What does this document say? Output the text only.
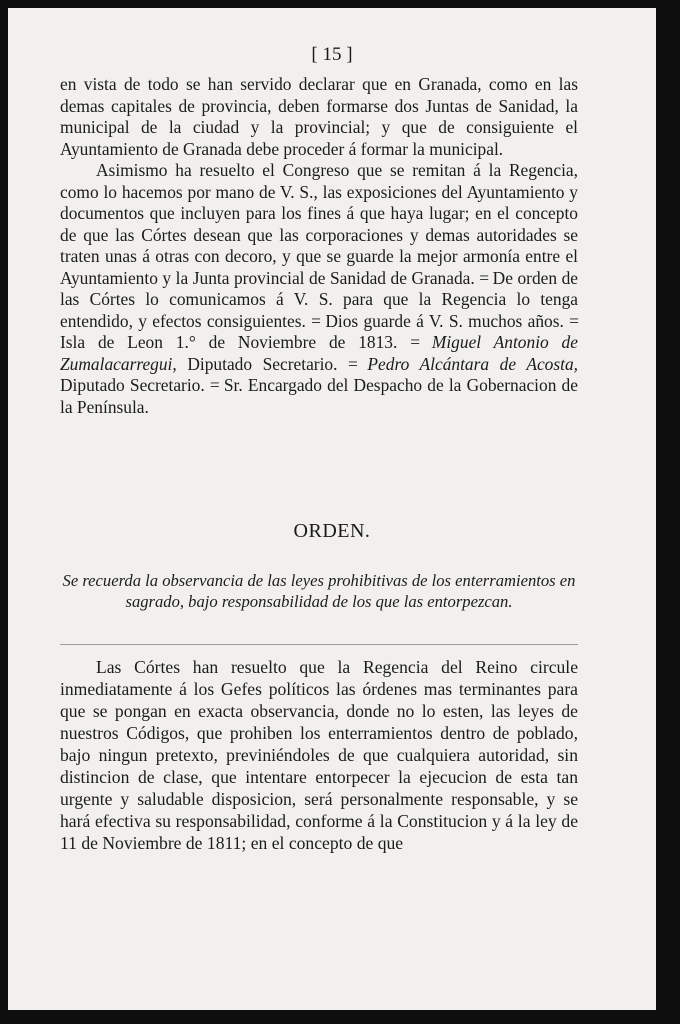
[ 15 ]

en vista de todo se han servido declarar que en Granada, como en las demas capitales de provincia, deben formarse dos Juntas de Sanidad, la municipal de la ciudad y la provincial; y que de consiguiente el Ayuntamiento de Granada debe proceder á formar la municipal.

Asimismo ha resuelto el Congreso que se remitan á la Regencia, como lo hacemos por mano de V. S., las exposiciones del Ayuntamiento y documentos que incluyen para los fines á que haya lugar; en el concepto de que las Córtes desean que las corporaciones y demas autoridades se traten unas á otras con decoro, y que se guarde la mejor armonía entre el Ayuntamiento y la Junta provincial de Sanidad de Granada. = De orden de las Córtes lo comunicamos á V. S. para que la Regencia lo tenga entendido, y efectos consiguientes. = Dios guarde á V. S. muchos años. = Isla de Leon 1.° de Noviembre de 1813. = Miguel Antonio de Zumalacarregui, Diputado Secretario. = Pedro Alcántara de Acosta, Diputado Secretario. = Sr. Encargado del Despacho de la Gobernacion de la Península.

ORDEN.
Se recuerda la observancia de las leyes prohibitivas de los enterramientos en sagrado, bajo responsabilidad de los que las entorpezcan.

Las Córtes han resuelto que la Regencia del Reino circule inmediatamente á los Gefes políticos las órdenes mas terminantes para que se pongan en exacta observancia, donde no lo esten, las leyes de nuestros Códigos, que prohiben los enterramientos dentro de poblado, bajo ningun pretexto, previniéndoles de que cualquiera autoridad, sin distincion de clase, que intentare entorpecer la ejecucion de esta tan urgente y saludable disposicion, será personalmente responsable, y se hará efectiva su responsabilidad, conforme á la Constitucion y á la ley de 11 de Noviembre de 1811; en el concepto de que
